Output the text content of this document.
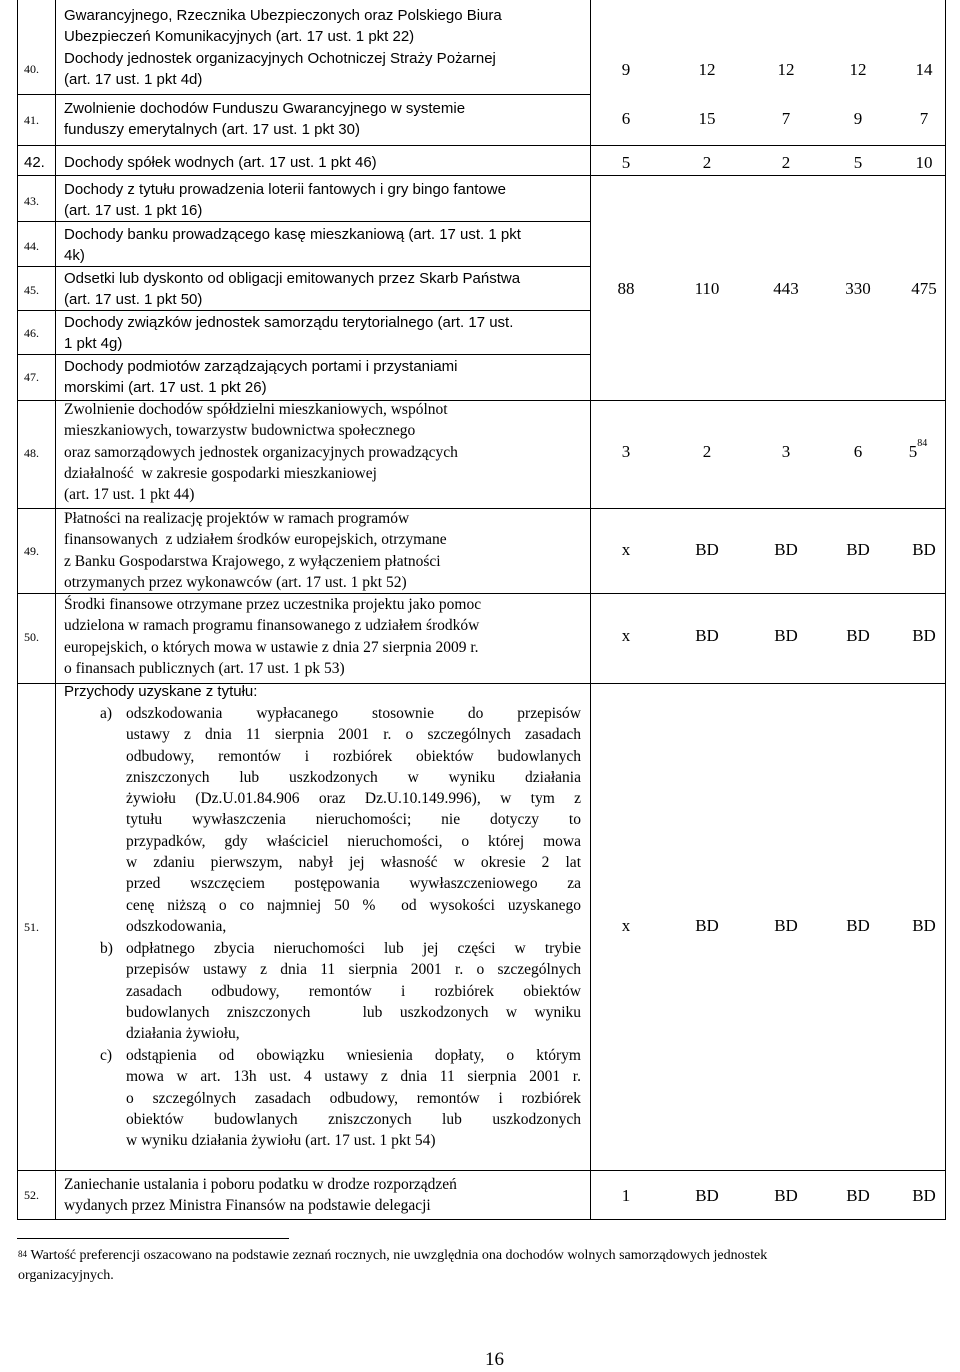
40.
Gwarancyjnego, Rzecznika Ubezpieczonych oraz Polskiego Biura
Ubezpieczeń Komunikacyjnych (art. 17 ust. 1 pkt 22)
Dochody jednostek organizacyjnych Ochotniczej Straży Pożarnej
(art. 17 ust. 1 pkt 4d)
9	12	12	12	14
41.
Zwolnienie dochodów Funduszu Gwarancyjnego w systemie
funduszy emerytalnych (art. 17 ust. 1 pkt 30)
6	15	7	9	7
42. Dochody spółek wodnych (art. 17 ust. 1 pkt 46)	5	2	2	5	10
43.
Dochody z tytułu prowadzenia loterii fantowych i gry bingo fantowe
(art. 17 ust. 1 pkt 16)
44.
Dochody banku prowadzącego kasę mieszkaniową (art. 17 ust. 1 pkt
4k)
45.
Odsetki lub dyskonto od obligacji emitowanych przez Skarb Państwa
(art. 17 ust. 1 pkt 50)
46.
Dochody związków jednostek samorządu terytorialnego (art. 17 ust.
1 pkt 4g)
47.
Dochody podmiotów zarządzających portami i przystaniami
morskimi (art. 17 ust. 1 pkt 26)
88	110	443	330	475
48.
Zwolnienie dochodów spółdzielni mieszkaniowych, wspólnot
mieszkaniowych, towarzystw budownictwa społecznego
oraz samorządowych jednostek organizacyjnych prowadzących
działalność  w zakresie gospodarki mieszkaniowej
(art. 17 ust. 1 pkt 44)
3	2	3	6	$5^{84}$
49.
Płatności na realizację projektów w ramach programów
finansowanych  z udziałem środków europejskich, otrzymane
z Banku Gospodarstwa Krajowego, z wyłączeniem płatności
otrzymanych przez wykonawców (art. 17 ust. 1 pkt 52)
x	BD	BD	BD	BD
50.
Środki finansowe otrzymane przez uczestnika projektu jako pomoc
udzielona w ramach programu finansowanego z udziałem środków
europejskich, o których mowa w ustawie z dnia 27 sierpnia 2009 r.
o finansach publicznych (art. 17 ust. 1 pk 53)
x	BD	BD	BD	BD
51.
Przychody uzyskane z tytułu:
a) odszkodowania wypłacanego stosownie do przepisów
ustawy z dnia 11 sierpnia 2001 r. o szczególnych zasadach
odbudowy, remontów i rozbiórek obiektów budowlanych
zniszczonych lub uszkodzonych w wyniku działania
żywiołu (Dz.U.01.84.906 oraz Dz.U.10.149.996), w tym z
tytułu wywłaszczenia nieruchomości; nie dotyczy to
przypadków, gdy właściciel nieruchomości, o której mowa
w zdaniu pierwszym, nabył jej własność w okresie 2 lat
przed wszczęciem postępowania wywłaszczeniowego za
cenę niższą o co najmniej 50 %  od wysokości uzyskanego
odszkodowania,
b) odpłatnego zbycia nieruchomości lub jej części w trybie
przepisów ustawy z dnia 11 sierpnia 2001 r. o szczególnych
zasadach odbudowy, remontów i rozbiórek obiektów
budowlanych zniszczonych   lub uszkodzonych w wyniku
działania żywiołu,
c) odstąpienia od obowiązku wniesienia dopłaty, o którym
mowa w art. 13h ust. 4 ustawy z dnia 11 sierpnia 2001 r.
o szczególnych zasadach odbudowy, remontów i rozbiórek
obiektów budowlanych zniszczonych lub uszkodzonych
w wyniku działania żywiołu (art. 17 ust. 1 pkt 54)
x	BD	BD	BD	BD
52.
Zaniechanie ustalania i poboru podatku w drodze rozporządzeń
wydanych przez Ministra Finansów na podstawie delegacji
1	BD	BD	BD	BD
$^{84}$ Wartość preferencji oszacowano na podstawie zeznań rocznych, nie uwzględnia ona dochodów wolnych samorządowych jednostek
organizacyjnych.
16
